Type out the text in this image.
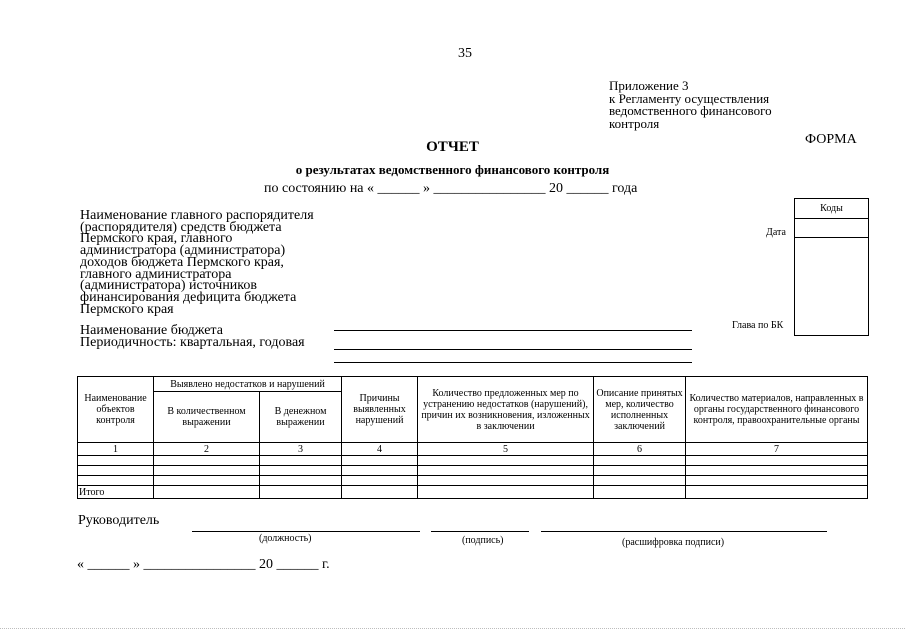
35
Приложение 3
к Регламенту осуществления
ведомственного финансового
контроля
ФОРМА
ОТЧЕТ
о результатах ведомственного финансового контроля
по состоянию на « ______ » ________________ 20 ______ года
Наименование главного распорядителя (распорядителя) средств бюджета Пермского края, главного администратора (администратора) доходов бюджета Пермского края, главного администратора (администратора) источников финансирования дефицита бюджета Пермского края
Наименование бюджета
Периодичность: квартальная, годовая
Коды
Дата
Глава по БК
Наименование объектов контроля	Выявлено недостатков и нарушений		Причины выявленных нарушений	Количество предложенных мер по устранению недостатков (нарушений), причин их возникновения, изложенных в заключении	Описание принятых мер, количество исполненных заключений	Количество материалов, направленных в органы государственного финансового контроля, правоохранительные органы
	В количественном выражении	В денежном выражении				
1	2	3	4	5	6	7

Итого						
Руководитель
(должность)	(подпись)	(расшифровка подписи)
« ______ » ________________ 20 ______ г.
